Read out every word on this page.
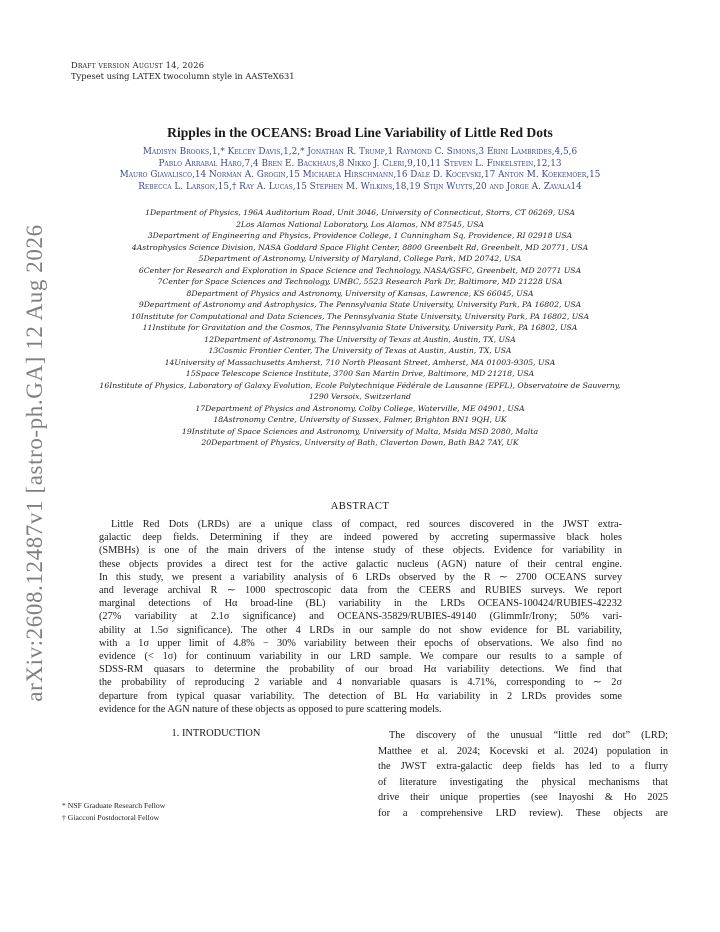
Draft version August 14, 2026
Typeset using LATEX twocolumn style in AASTeX631
arXiv:2608.12487v1 [astro-ph.GA] 12 Aug 2026
Ripples in the OCEANS: Broad Line Variability of Little Red Dots
Madisyn Brooks,1,* Kelcey Davis,1,2,* Jonathan R. Trump,1 Raymond C. Simons,3 Erini Lambrides,4,5,6
Pablo Arrabal Haro,7,4 Bren E. Backhaus,8 Nikko J. Cleri,9,10,11 Steven L. Finkelstein,12,13
Mauro Giavalisco,14 Norman A. Grogin,15 Michaela Hirschmann,16 Dale D. Kocevski,17 Anton M. Koekemoer,15
Rebecca L. Larson,15,† Ray A. Lucas,15 Stephen M. Wilkins,18,19 Stijn Wuyts,20 and Jorge A. Zavala14
1Department of Physics, 196A Auditorium Road, Unit 3046, University of Connecticut, Storrs, CT 06269, USA
2Los Alamos National Laboratory, Los Alamos, NM 87545, USA
3Department of Engineering and Physics, Providence College, 1 Cunningham Sq, Providence, RI 02918 USA
4Astrophysics Science Division, NASA Goddard Space Flight Center, 8800 Greenbelt Rd, Greenbelt, MD 20771, USA
5Department of Astronomy, University of Maryland, College Park, MD 20742, USA
6Center for Research and Exploration in Space Science and Technology, NASA/GSFC, Greenbelt, MD 20771 USA
7Center for Space Sciences and Technology, UMBC, 5523 Research Park Dr, Baltimore, MD 21228 USA
8Department of Physics and Astronomy, University of Kansas, Lawrence, KS 66045, USA
9Department of Astronomy and Astrophysics, The Pennsylvania State University, University Park, PA 16802, USA
10Institute for Computational and Data Sciences, The Pennsylvania State University, University Park, PA 16802, USA
11Institute for Gravitation and the Cosmos, The Pennsylvania State University, University Park, PA 16802, USA
12Department of Astronomy, The University of Texas at Austin, Austin, TX, USA
13Cosmic Frontier Center, The University of Texas at Austin, Austin, TX, USA
14University of Massachusetts Amherst, 710 North Pleasant Street, Amherst, MA 01003-9305, USA
15Space Telescope Science Institute, 3700 San Martin Drive, Baltimore, MD 21218, USA
16Institute of Physics, Laboratory of Galaxy Evolution, Ecole Polytechnique Fédérale de Lausanne (EPFL), Observatoire de Sauverny,
1290 Versoix, Switzerland
17Department of Physics and Astronomy, Colby College, Waterville, ME 04901, USA
18Astronomy Centre, University of Sussex, Falmer, Brighton BN1 9QH, UK
19Institute of Space Sciences and Astronomy, University of Malta, Msida MSD 2080, Malta
20Department of Physics, University of Bath, Claverton Down, Bath BA2 7AY, UK
ABSTRACT
Little Red Dots (LRDs) are a unique class of compact, red sources discovered in the JWST extra-
galactic deep fields. Determining if they are indeed powered by accreting supermassive black holes
(SMBHs) is one of the main drivers of the intense study of these objects. Evidence for variability in
these objects provides a direct test for the active galactic nucleus (AGN) nature of their central engine.
In this study, we present a variability analysis of 6 LRDs observed by the R ∼ 2700 OCEANS survey
and leverage archival R ∼ 1000 spectroscopic data from the CEERS and RUBIES surveys. We report
marginal detections of Hα broad-line (BL) variability in the LRDs OCEANS-100424/RUBIES-42232
(27% variability at 2.1σ significance) and OCEANS-35829/RUBIES-49140 (GlimmIr/Irony; 50% vari-
ability at 1.5σ significance). The other 4 LRDs in our sample do not show evidence for BL variability,
with a 1σ upper limit of 4.8% − 30% variability between their epochs of observations. We also find no
evidence (< 1σ) for continuum variability in our LRD sample. We compare our results to a sample of
SDSS-RM quasars to determine the probability of our broad Hα variability detections. We find that
the probability of reproducing 2 variable and 4 nonvariable quasars is 4.71%, corresponding to ∼ 2σ
departure from typical quasar variability. The detection of BL Hα variability in 2 LRDs provides some
evidence for the AGN nature of these objects as opposed to pure scattering models.
1. INTRODUCTION
* NSF Graduate Research Fellow
† Giacconi Postdoctoral Fellow
The discovery of the unusual “little red dot” (LRD;
Matthee et al. 2024; Kocevski et al. 2024) population in
the JWST extra-galactic deep fields has led to a flurry
of literature investigating the physical mechanisms that
drive their unique properties (see Inayoshi & Ho 2025
for a comprehensive LRD review). These objects are
